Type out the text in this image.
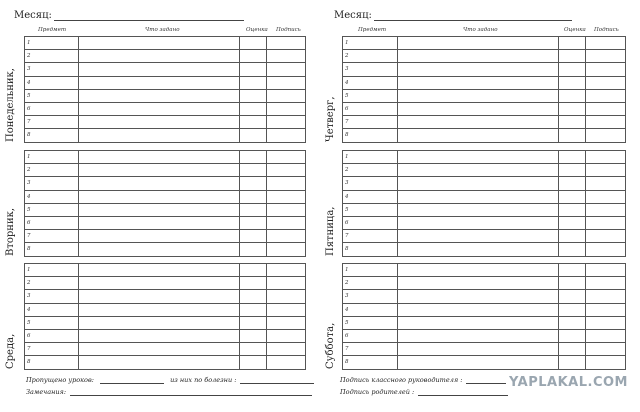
Месяц:
Предмет	Что задано	Оценка Подпись
Понедельник,
1			
2			
3			
4			
5			
6			
7			
8			
Вторник,
1			
2			
3			
4			
5			
6			
7			
8			
Среда,
1			
2			
3			
4			
5			
6			
7			
8			
Пропущено уроков:	из них по болезни :
Замечания:
Месяц:
Предмет	Что задано	Оценка Подпись
Четверг,
1			
2			
3			
4			
5			
6			
7			
8			
Пятница,
1			
2			
3			
4			
5			
6			
7			
8			
Суббота,
1			
2			
3			
4			
5			
6			
7			
8			
Подпись классного руководителя :
Подпись родителей :
YAPLAKAL.COM
